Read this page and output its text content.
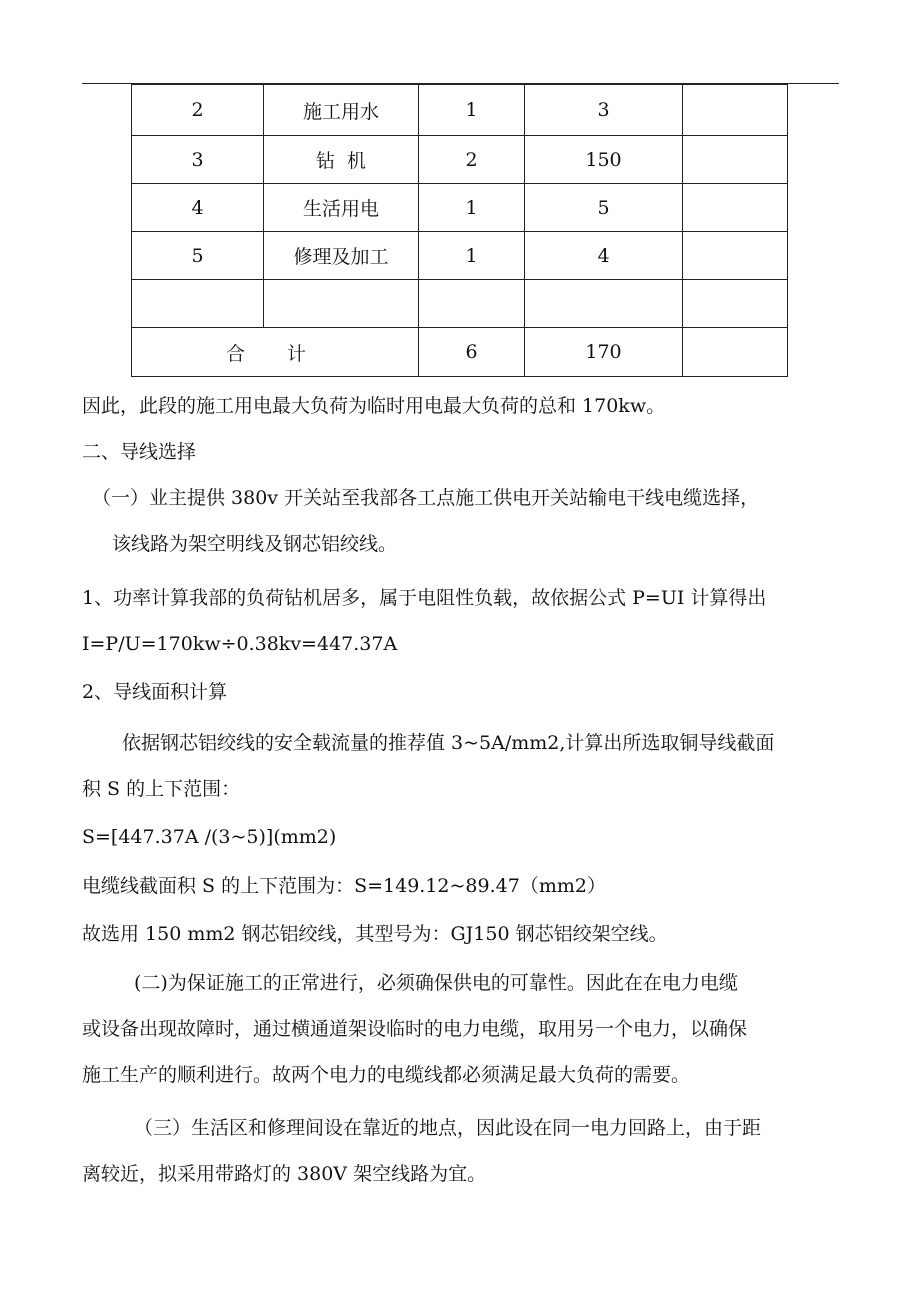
2	施工用水	1	3	
3	钻  机	2	150	
4	生活用电	1	5	
5	修理及加工	1	4	

合 计		6	170	

因此，此段的施工用电最大负荷为临时用电最大负荷的总和 170kw。

二、导线选择

（一）业主提供 380v 开关站至我部各工点施工供电开关站输电干线电缆选择，
该线路为架空明线及钢芯铝绞线。
1、功率计算我部的负荷钻机居多，属于电阻性负载，故依据公式 P=UI 计算得出
I=P/U=170kw÷0.38kv=447.37A

2、导线面积计算

依据钢芯铝绞线的安全载流量的推荐值 3~5A/mm2,计算出所选取铜导线截面
积 S 的上下范围：

S=[447.37A /(3~5)](mm2)

电缆线截面积 S 的上下范围为：S=149.12~89.47（mm2）

故选用 150 mm2 钢芯铝绞线，其型号为：GJ150 钢芯铝绞架空线。

(二)为保证施工的正常进行，必须确保供电的可靠性。因此在在电力电缆
或设备出现故障时，通过横通道架设临时的电力电缆，取用另一个电力，以确保
施工生产的顺利进行。故两个电力的电缆线都必须满足最大负荷的需要。
（三）生活区和修理间设在靠近的地点，因此设在同一电力回路上，由于距
离较近，拟采用带路灯的 380V 架空线路为宜。
